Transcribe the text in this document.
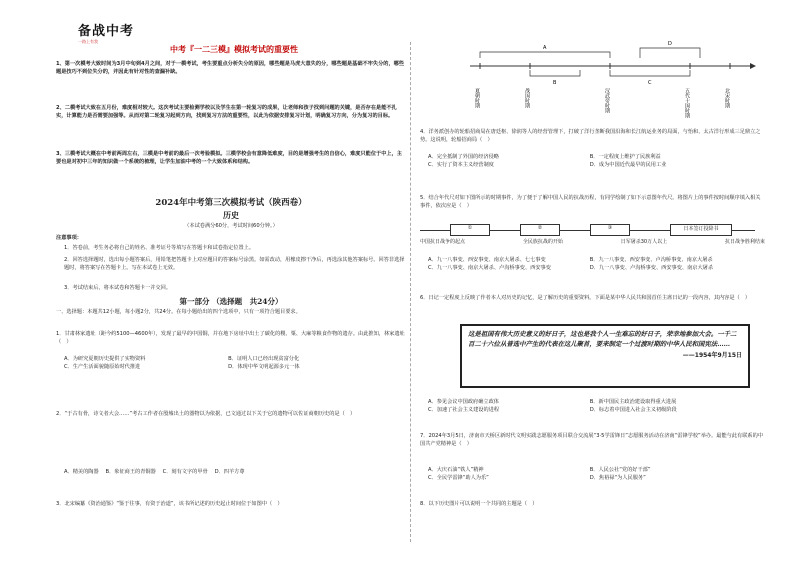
备战中考
一路上有我
中考『一二三模』模拟考试的重要性
1、第一次模考大致时间为3月中旬到4月之间，对于一模考试，考生要重点分析失分的原因，哪些题是马虎大意失的分，哪些题是基础不牢失分的，哪些题是技巧不到位失分的，并因此有针对性的查漏补缺。
2、二模考试大致在五月份，难度相对较大。这次考试主要检测学校以及学生在第一轮复习的成果，让老师和孩子找到问题的关键，是否存在是能不扎实，计算能力是否需要加强等。从而对第二轮复习起到方向，找到复习方法的重要性，以此为依据安排复习计划，明确复习方向，分为复习的目标。
3、三模考试大概在中考前两周左右，三模是中考前的最后一次考验模拟。三模学校会有意降低难度，目的是增强考生的自信心，难度只能位于中上，主要也是对初中三年的知识做一个系统的梳理，让学生加油中考的一个大致体系和结构。
2024年中考第三次模拟考试（陕西卷）
历史
（本试卷满分60分，考试时间60分钟。）
注意事项：
1．答卷前，考生务必将自己的姓名、准考证号等填写在答题卡和试卷指定位置上。
2．回答选择题时，选出每小题答案后，用铅笔把答题卡上对应题目的答案标号涂黑。如需改动，用橡皮擦干净后，再选涂其他答案标号。回答非选择题时，将答案写在答题卡上。写在本试卷上无效。
3．考试结束后，将本试卷和答题卡一并交回。
第一部分 （选择题　共24分）
一、选择题：本题共12小题，每小题2分，共24分。在每小题给出的四个选项中，只有一项符合题目要求。
1．甘肃林家遗址（距今约5100—4600年），发现了最早的中国铜，并在地下房址中出土了碳化的稷、粟、大麻等粮食作物的遗存。由此推知，林家遗址（　）
A．为研究夏朝历史提供了实物资料	B．证明人口已经出现贫富分化
C．生产生活面貌随原始时代推进	D．体现中华文明起源多元一体
2．“于古有骨，诗文者大会……”考古工作者在殷墟出土的器物以为依据，已文通过以下关于它的遗物可以佐证商朝历史的是（　）
A．精美的陶器　 B．象征商王的青铜器　 C．刻有文字的甲骨　 D．四羊方尊
3．北宋编纂《资治通鉴》“鉴于往事，有资于治道”，该书所记述的历史起止时间位于如图中（　）
A
B	C
D
夏朝时期	战国时期	汉武帝时期	五代十国时期	北宋时期
4．洋务派创办的轮船招商局在唐廷枢、徐润等人的经营管理下，打破了洋行垄断我国沿海和长江航运业务的局面，与怡和、太古洋行形成三足鼎立之势。这说明，轮船招商局（　）
A．完全抵制了外国的经济侵略	B．一定程度上维护了民族利益
C．实行了资本主义经营制度	D．成为中国近代最早的民用工业
5．结合年代尺对如下图所示的时期事件，为了便于了解中国人民的抗战历程，有同学绘制了如下示意图年代尺。将图片上的事件按时间顺序填入相关事件，依次应是（　）
①	②	③	日本签订投降书
中国抗日战争的起点	全民族抗战的开始	日军屠杀30万人以上	抗日战争胜利结束
A．九一八事变、西安事变、南京大屠杀、七七事变	B．九一八事变、西安事变、卢沟桥事变、南京大屠杀
C．九一八事变、南京大屠杀、卢沟桥事变、西安事变	D．九一八事变、卢沟桥事变、西安事变、南京大屠杀
6．日记一定程度上反映了作者本人对历史的记忆，是了解历史的重要资料。下面是某中华人民共和国首任主席日记的一段内容，其内容是（　）
这是祖国有伟大历史意义的好日子，这也是我个人一生难忘的好日子，荣幸地参加大会。一千二百二十六位从普选中产生的代表在这儿聚首，要来制定一个过渡时期的中华人民和国宪法……
——1954年9月15日
A．参见会议中国政府确立政体	B．新中国民主政治建设取得重大进展
C．加速了社会主义建设的进程	D．标志着中国进入社会主义初级阶段
7．2024年3月5日，济南市天桥区新时代文明实践志愿服务项目联合交流展“3·5学雷锋日”志愿服务活动在济南“雷锋学校”举办。最能与此有联系的中国共产党精神是（　）
A．大庆石油“铁人”精神	B．人民公社“党的好干部”
C．全民学雷锋“助人为乐”	D．焦裕禄“为人民服务”
8．以下历史图片可以说明一个共同的主题是（　）
